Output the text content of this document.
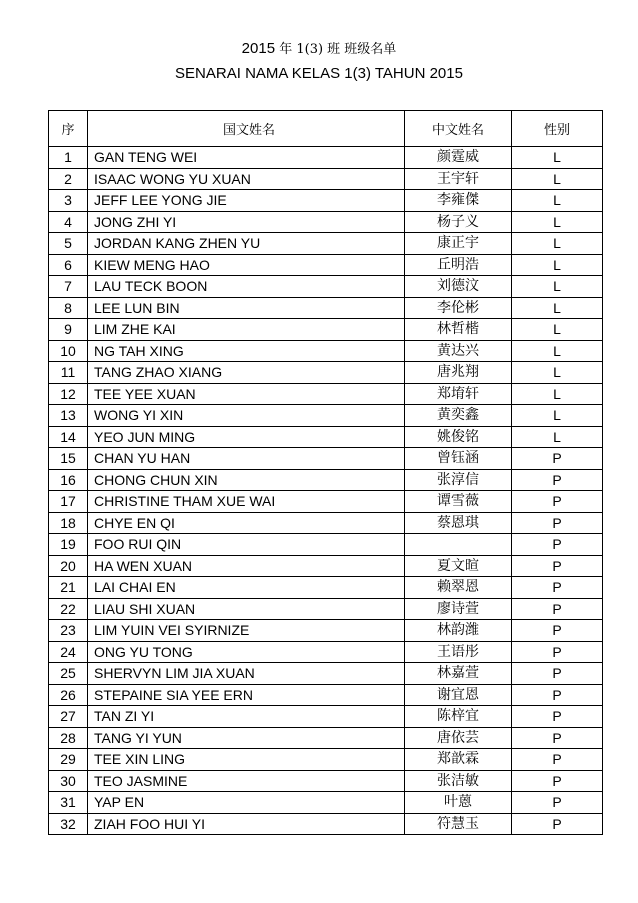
2015 年 1(3) 班 班级名单
SENARAI NAMA KELAS 1(3) TAHUN 2015
序	国文姓名	中文姓名	性别
1	GAN TENG WEI	颜霆威	L
2	ISAAC WONG YU XUAN	王宇轩	L
3	JEFF LEE YONG JIE	李雍傑	L
4	JONG ZHI YI	杨子义	L
5	JORDAN KANG ZHEN YU	康正宇	L
6	KIEW MENG HAO	丘明浩	L
7	LAU TECK BOON	刘德汶	L
8	LEE LUN BIN	李伦彬	L
9	LIM ZHE KAI	林哲楷	L
10	NG TAH XING	黄达兴	L
11	TANG ZHAO XIANG	唐兆翔	L
12	TEE YEE XUAN	郑堉轩	L
13	WONG YI XIN	黄奕鑫	L
14	YEO JUN MING	姚俊铭	L
15	CHAN YU HAN	曾钰涵	P
16	CHONG CHUN XIN	张淳信	P
17	CHRISTINE THAM XUE WAI	谭雪薇	P
18	CHYE EN QI	蔡恩琪	P
19	FOO RUI QIN		P
20	HA WEN XUAN	夏文暄	P
21	LAI CHAI EN	赖翠恩	P
22	LIAU SHI XUAN	廖诗萱	P
23	LIM YUIN VEI SYIRNIZE	林韵潍	P
24	ONG YU TONG	王语彤	P
25	SHERVYN LIM JIA XUAN	林嘉萱	P
26	STEPAINE SIA YEE ERN	谢宜恩	P
27	TAN ZI YI	陈梓宜	P
28	TANG YI YUN	唐依芸	P
29	TEE XIN LING	郑歆霖	P
30	TEO JASMINE	张洁敏	P
31	YAP EN	叶蒽	P
32	ZIAH FOO HUI YI	符慧玉	P
